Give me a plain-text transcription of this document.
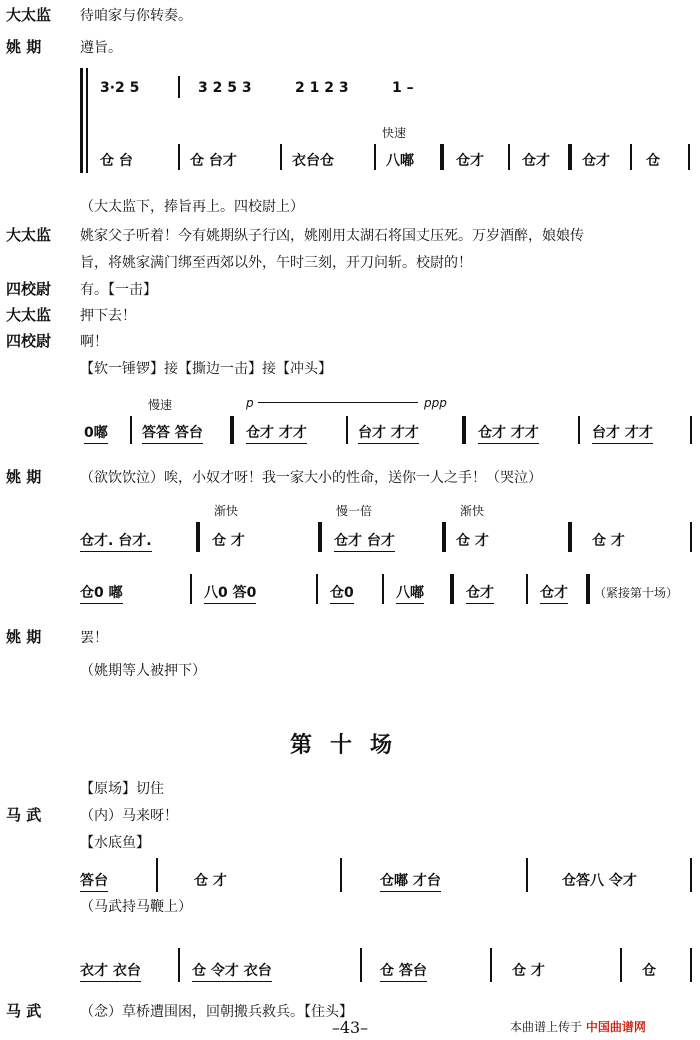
大太监 待咱家与你转奏。
姚 期	遵旨。
3·2 5	3 2 5 3	2 1 2 3	1 –
快速
仓 台	仓 台才	衣台仓	八嘟	仓才	仓才 仓才	仓
（大太监下，捧旨再上。四校尉上）
大太监 姚家父子听着！今有姚期纵子行凶，姚刚用太湖石将国丈压死。万岁酒醉，娘娘传
旨，将姚家满门绑至西郊以外，午时三刻，开刀问斩。校尉的！
四校尉 有。【一击】
大太监 押下去！
四校尉 啊！
【软一锤锣】接【撕边一击】接【冲头】
慢速	p	ppp
0嘟 答答 答台	仓才 才才	台才 才才	仓才 才才	台才 才才
姚 期	（欲饮饮泣）唉，小奴才呀！我一家大小的性命，送你一人之手！（哭泣）
渐快	慢一倍	渐快
仓才. 台才.	仓 才	仓才 台才	仓 才	仓 才
仓0 嘟	八0 答0	仓0	八嘟	仓才	仓才 （紧接第十场）
姚 期	罢！
（姚期等人被押下）
第十场
【原场】切住
马 武	（内）马来呀！
【水底鱼】
答台	仓 才	仓嘟 才台	仓答八 令才
（马武持马鞭上）
衣才 衣台	仓 令才 衣台	仓 答台	仓 才	仓
马 武	（念）草桥遭围困，回朝搬兵救兵。【住头】
–43–	本曲谱上传于 中国曲谱网
